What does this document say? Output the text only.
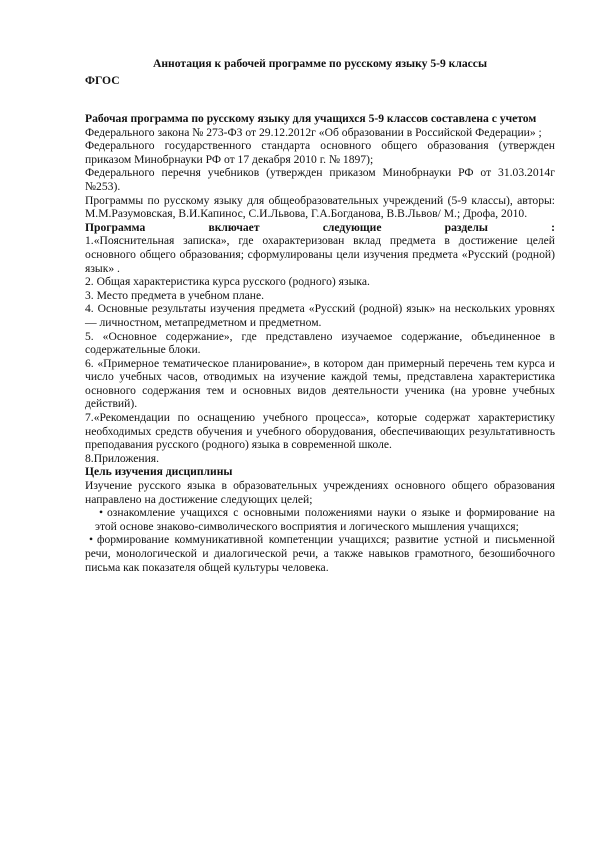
Аннотация к рабочей программе по русскому языку 5-9 классы

ФГОС

Рабочая программа по русскому языку для учащихся 5-9 классов составлена с учетом

Федерального закона № 273-ФЗ от 29.12.2012г «Об образовании в Российской Федерации» ;

Федерального государственного стандарта основного общего образования (утвержден приказом Минобрнауки РФ от 17 декабря 2010 г. № 1897);

Федерального перечня учебников (утвержден приказом Минобрнауки РФ от 31.03.2014г №253).

Программы по русскому языку для общеобразовательных учреждений (5-9 классы), авторы: М.М.Разумовская, В.И.Капинос, С.И.Львова, Г.А.Богданова, В.В.Львов/ М.; Дрофа, 2010.

Программа	включает	следующие	разделы	:

1.«Пояснительная записка», где охарактеризован вклад предмета в достижение целей основного общего образования; сформулированы цели изучения предмета «Русский (родной) язык» .

2. Общая характеристика курса русского (родного) языка.

3. Место предмета в учебном плане.

4. Основные результаты изучения предмета «Русский (родной) язык» на нескольких уровнях — личностном, метапредметном и предметном.

5. «Основное содержание», где представлено изучаемое содержание, объединенное в содержательные блоки.

6. «Примерное тематическое планирование», в котором дан примерный перечень тем курса и число учебных часов, отводимых на изучение каждой темы, представлена характеристика основного содержания тем и основных видов деятельности ученика (на уровне учебных действий).

7.«Рекомендации по оснащению учебного процесса», которые содержат характеристику необходимых средств обучения и учебного оборудования, обеспечивающих результативность преподавания русского (родного) языка в современной школе.

8.Приложения.

Цель изучения дисциплины

Изучение русского языка в образовательных учреждениях основного общего образования направлено на достижение следующих целей;

• ознакомление учащихся с основными положениями науки о языке и формирование на этой основе знаково-символического восприятия и логического мышления учащихся;

• формирование коммуникативной компетенции учащихся; развитие устной и письменной речи, монологической и диалогической речи, а также навыков грамотного, безошибочного письма как показателя общей культуры человека.
